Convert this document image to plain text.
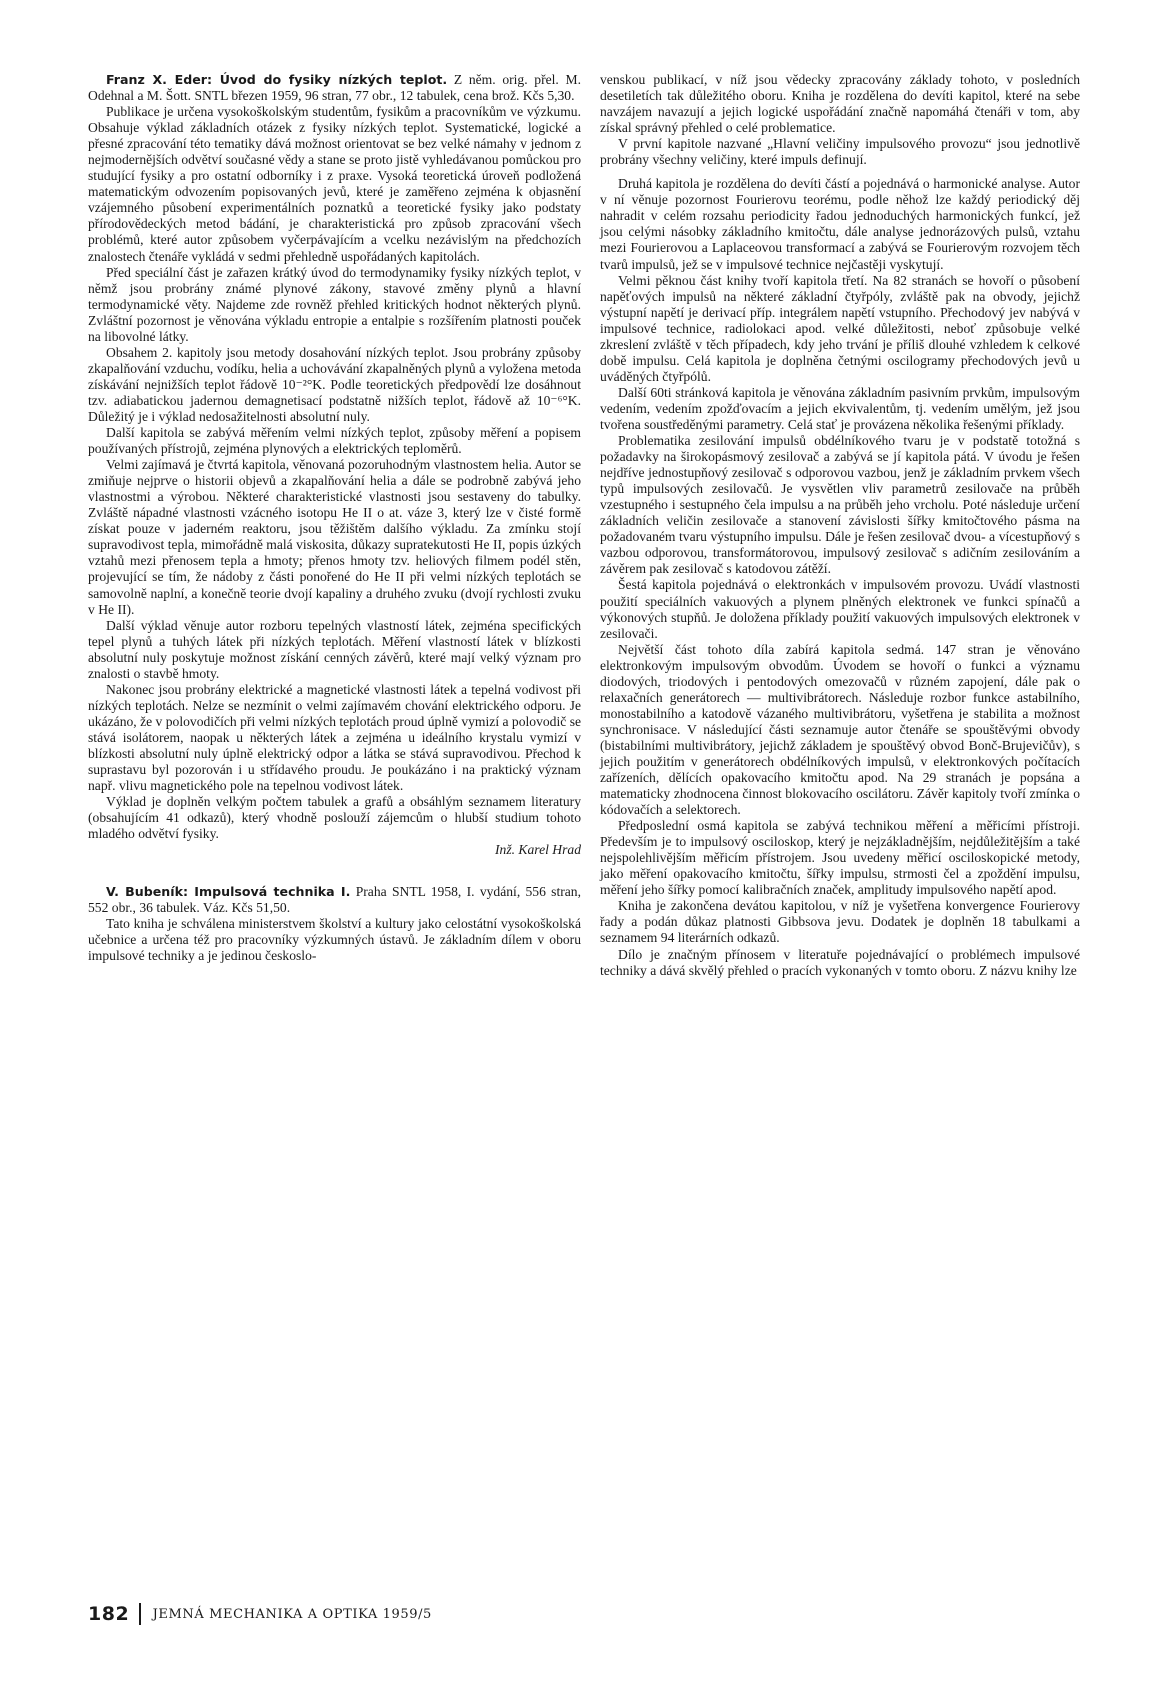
Franz X. Eder: Úvod do fysiky nízkých teplot. Z něm. orig. přel. M. Odehnal a M. Šott. SNTL březen 1959, 96 stran, 77 obr., 12 tabulek, cena brož. Kčs 5,30.

Publikace je určena vysokoškolským studentům, fysikům a pracovníkům ve výzkumu. Obsahuje výklad základních otázek z fysiky nízkých teplot. Systematické, logické a přesné zpracování této tematiky dává možnost orientovat se bez velké námahy v jednom z nejmodernějších odvětví současné vědy a stane se proto jistě vyhledávanou pomůckou pro studující fysiky a pro ostatní odborníky i z praxe. Vysoká teoretická úroveň podložená matematickým odvozením popisovaných jevů, které je zaměřeno zejména k objasnění vzájemného působení experimentálních poznatků a teoretické fysiky jako podstaty přírodovědeckých metod bádání, je charakteristická pro způsob zpracování všech problémů, které autor způsobem vyčerpávajícím a vcelku nezávislým na předchozích znalostech čtenáře vykládá v sedmi přehledně uspořádaných kapitolách.

Před speciální část je zařazen krátký úvod do termodynamiky fysiky nízkých teplot, v němž jsou probrány známé plynové zákony, stavové změny plynů a hlavní termodynamické věty. Najdeme zde rovněž přehled kritických hodnot některých plynů. Zvláštní pozornost je věnována výkladu entropie a entalpie s rozšířením platnosti pouček na libovolné látky.

Obsahem 2. kapitoly jsou metody dosahování nízkých teplot. Jsou probrány způsoby zkapalňování vzduchu, vodíku, helia a uchovávání zkapalněných plynů a vyložena metoda získávání nejnižších teplot řádově 10⁻²°K. Podle teoretických předpovědí lze dosáhnout tzv. adiabatickou jadernou demagnetisací podstatně nižších teplot, řádově až 10⁻⁶°K. Důležitý je i výklad nedosažitelnosti absolutní nuly.

Další kapitola se zabývá měřením velmi nízkých teplot, způsoby měření a popisem používaných přístrojů, zejména plynových a elektrických teploměrů.

Velmi zajímavá je čtvrtá kapitola, věnovaná pozoruhodným vlastnostem helia. Autor se zmiňuje nejprve o historii objevů a zkapalňování helia a dále se podrobně zabývá jeho vlastnostmi a výrobou. Některé charakteristické vlastnosti jsou sestaveny do tabulky. Zvláště nápadné vlastnosti vzácného isotopu He II o at. váze 3, který lze v čisté formě získat pouze v jaderném reaktoru, jsou těžištěm dalšího výkladu. Za zmínku stojí supravodivost tepla, mimořádně malá viskosita, důkazy supratekutosti He II, popis úzkých vztahů mezi přenosem tepla a hmoty; přenos hmoty tzv. heliových filmem podél stěn, projevující se tím, že nádoby z části ponořené do He II při velmi nízkých teplotách se samovolně naplní, a konečně teorie dvojí kapaliny a druhého zvuku (dvojí rychlosti zvuku v He II).

Další výklad věnuje autor rozboru tepelných vlastností látek, zejména specifických tepel plynů a tuhých látek při nízkých teplotách. Měření vlastností látek v blízkosti absolutní nuly poskytuje možnost získání cenných závěrů, které mají velký význam pro znalosti o stavbě hmoty.

Nakonec jsou probrány elektrické a magnetické vlastnosti látek a tepelná vodivost při nízkých teplotách. Nelze se nezmínit o velmi zajímavém chování elektrického odporu. Je ukázáno, že v polovodičích při velmi nízkých teplotách proud úplně vymizí a polovodič se stává isolátorem, naopak u některých látek a zejména u ideálního krystalu vymizí v blízkosti absolutní nuly úplně elektrický odpor a látka se stává supravodivou. Přechod k suprastavu byl pozorován i u střídavého proudu. Je poukázáno i na praktický význam např. vlivu magnetického pole na tepelnou vodivost látek.

Výklad je doplněn velkým počtem tabulek a grafů a obsáhlým seznamem literatury (obsahujícím 41 odkazů), který vhodně poslouží zájemcům o hlubší studium tohoto mladého odvětví fysiky.

Inž. Karel Hrad

V. Bubeník: Impulsová technika I. Praha SNTL 1958, I. vydání, 556 stran, 552 obr., 36 tabulek. Váz. Kčs 51,50.

Tato kniha je schválena ministerstvem školství a kultury jako celostátní vysokoškolská učebnice a určena též pro pracovníky výzkumných ústavů. Je základním dílem v oboru impulsové techniky a je jedinou českoslo-

venskou publikací, v níž jsou vědecky zpracovány základy tohoto, v posledních desetiletích tak důležitého oboru. Kniha je rozdělena do devíti kapitol, které na sebe navzájem navazují a jejich logické uspořádání značně napomáhá čtenáři v tom, aby získal správný přehled o celé problematice.

V první kapitole nazvané „Hlavní veličiny impulsového provozu“ jsou jednotlivě probrány všechny veličiny, které impuls definují.

Druhá kapitola je rozdělena do devíti částí a pojednává o harmonické analyse. Autor v ní věnuje pozornost Fourierovu teorému, podle něhož lze každý periodický děj nahradit v celém rozsahu periodicity řadou jednoduchých harmonických funkcí, jež jsou celými násobky základního kmitočtu, dále analyse jednorázových pulsů, vztahu mezi Fourierovou a Laplaceovou transformací a zabývá se Fourierovým rozvojem těch tvarů impulsů, jež se v impulsové technice nejčastěji vyskytují.

Velmi pěknou část knihy tvoří kapitola třetí. Na 82 stranách se hovoří o působení napěťových impulsů na některé základní čtyřpóly, zvláště pak na obvody, jejichž výstupní napětí je derivací příp. integrálem napětí vstupního. Přechodový jev nabývá v impulsové technice, radiolokaci apod. velké důležitosti, neboť způsobuje velké zkreslení zvláště v těch případech, kdy jeho trvání je příliš dlouhé vzhledem k celkové době impulsu. Celá kapitola je doplněna četnými oscilogramy přechodových jevů u uváděných čtyřpólů.

Další 60ti stránková kapitola je věnována základním pasivním prvkům, impulsovým vedením, vedením zpožďovacím a jejich ekvivalentům, tj. vedením umělým, jež jsou tvořena soustředěnými parametry. Celá stať je provázena několika řešenými příklady.

Problematika zesilování impulsů obdélníkového tvaru je v podstatě totožná s požadavky na širokopásmový zesilovač a zabývá se jí kapitola pátá. V úvodu je řešen nejdříve jednostupňový zesilovač s odporovou vazbou, jenž je základním prvkem všech typů impulsových zesilovačů. Je vysvětlen vliv parametrů zesilovače na průběh vzestupného i sestupného čela impulsu a na průběh jeho vrcholu. Poté následuje určení základních veličin zesilovače a stanovení závislosti šířky kmitočtového pásma na požadovaném tvaru výstupního impulsu. Dále je řešen zesilovač dvou- a vícestupňový s vazbou odporovou, transformátorovou, impulsový zesilovač s adičním zesilováním a závěrem pak zesilovač s katodovou zátěží.

Šestá kapitola pojednává o elektronkách v impulsovém provozu. Uvádí vlastnosti použití speciálních vakuových a plynem plněných elektronek ve funkci spínačů a výkonových stupňů. Je doložena příklady použití vakuových impulsových elektronek v zesilovači.

Největší část tohoto díla zabírá kapitola sedmá. 147 stran je věnováno elektronkovým impulsovým obvodům. Úvodem se hovoří o funkci a významu diodových, triodových i pentodových omezovačů v různém zapojení, dále pak o relaxačních generátorech — multivibrátorech. Následuje rozbor funkce astabilního, monostabilního a katodově vázaného multivibrátoru, vyšetřena je stabilita a možnost synchronisace. V následující části seznamuje autor čtenáře se spouštěvými obvody (bistabilními multivibrátory, jejichž základem je spouštěvý obvod Bonč-Brujevičův), s jejich použitím v generátorech obdélníkových impulsů, v elektronkových počítacích zařízeních, dělících opakovacího kmitočtu apod. Na 29 stranách je popsána a matematicky zhodnocena činnost blokovacího oscilátoru. Závěr kapitoly tvoří zmínka o kódovačích a selektorech.

Předposlední osmá kapitola se zabývá technikou měření a měřicími přístroji. Především je to impulsový osciloskop, který je nejzákladnějším, nejdůležitějším a také nejspolehlivějším měřicím přístrojem. Jsou uvedeny měřicí osciloskopické metody, jako měření opakovacího kmitočtu, šířky impulsu, strmosti čel a zpoždění impulsu, měření jeho šířky pomocí kalibračních značek, amplitudy impulsového napětí apod.

Kniha je zakončena devátou kapitolou, v níž je vyšetřena konvergence Fourierovy řady a podán důkaz platnosti Gibbsova jevu. Dodatek je doplněn 18 tabulkami a seznamem 94 literárních odkazů.

Dílo je značným přínosem v literatuře pojednávající o problémech impulsové techniky a dává skvělý přehled o pracích vykonaných v tomto oboru. Z názvu knihy lze

182 JEMNÁ MECHANIKA A OPTIKA 1959/5
